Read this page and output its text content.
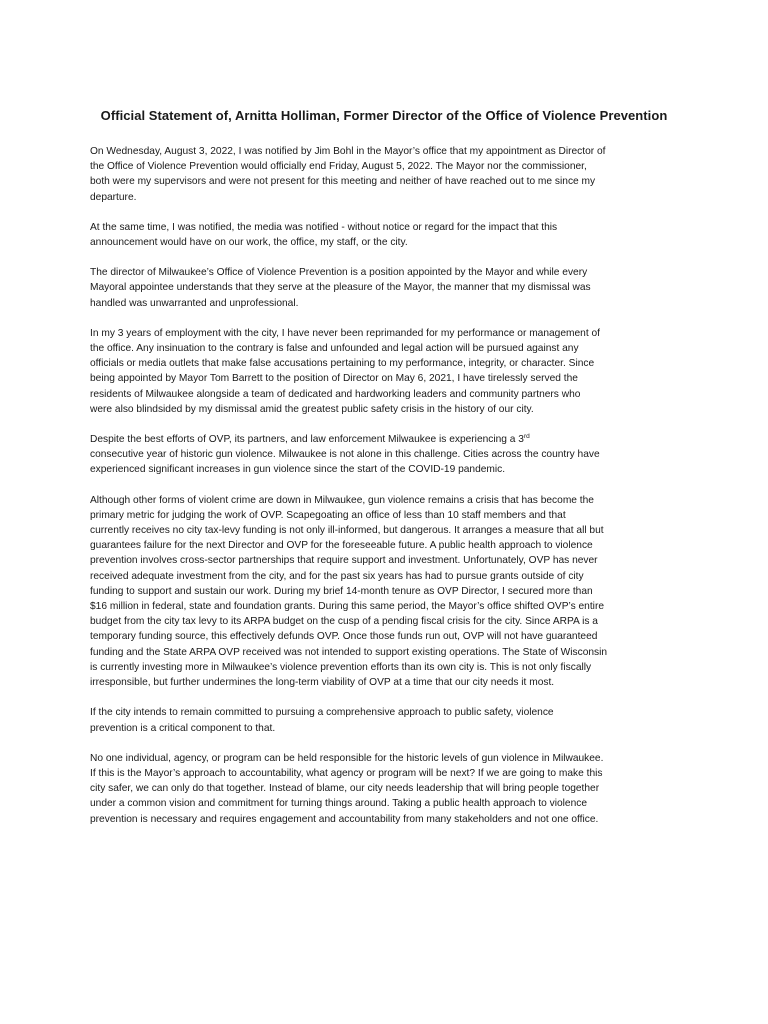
Official Statement of, Arnitta Holliman, Former Director of the Office of Violence Prevention

On Wednesday, August 3, 2022, I was notified by Jim Bohl in the Mayor’s office that my appointment as Director of
the Office of Violence Prevention would officially end Friday, August 5, 2022. The Mayor nor the commissioner,
both were my supervisors and were not present for this meeting and neither of have reached out to me since my
departure.

At the same time, I was notified, the media was notified - without notice or regard for the impact that this
announcement would have on our work, the office, my staff, or the city.

The director of Milwaukee’s Office of Violence Prevention is a position appointed by the Mayor and while every
Mayoral appointee understands that they serve at the pleasure of the Mayor, the manner that my dismissal was
handled was unwarranted and unprofessional.

In my 3 years of employment with the city, I have never been reprimanded for my performance or management of
the office. Any insinuation to the contrary is false and unfounded and legal action will be pursued against any
officials or media outlets that make false accusations pertaining to my performance, integrity, or character. Since
being appointed by Mayor Tom Barrett to the position of Director on May 6, 2021, I have tirelessly served the
residents of Milwaukee alongside a team of dedicated and hardworking leaders and community partners who
were also blindsided by my dismissal amid the greatest public safety crisis in the history of our city.

Despite the best efforts of OVP, its partners, and law enforcement Milwaukee is experiencing a 3rd
consecutive year of historic gun violence. Milwaukee is not alone in this challenge. Cities across the country have
experienced significant increases in gun violence since the start of the COVID-19 pandemic.

Although other forms of violent crime are down in Milwaukee, gun violence remains a crisis that has become the
primary metric for judging the work of OVP. Scapegoating an office of less than 10 staff members and that
currently receives no city tax-levy funding is not only ill-informed, but dangerous. It arranges a measure that all but
guarantees failure for the next Director and OVP for the foreseeable future. A public health approach to violence
prevention involves cross-sector partnerships that require support and investment. Unfortunately, OVP has never
received adequate investment from the city, and for the past six years has had to pursue grants outside of city
funding to support and sustain our work. During my brief 14-month tenure as OVP Director, I secured more than
$16 million in federal, state and foundation grants. During this same period, the Mayor’s office shifted OVP’s entire
budget from the city tax levy to its ARPA budget on the cusp of a pending fiscal crisis for the city. Since ARPA is a
temporary funding source, this effectively defunds OVP. Once those funds run out, OVP will not have guaranteed
funding and the State ARPA OVP received was not intended to support existing operations. The State of Wisconsin
is currently investing more in Milwaukee’s violence prevention efforts than its own city is. This is not only fiscally
irresponsible, but further undermines the long-term viability of OVP at a time that our city needs it most.

If the city intends to remain committed to pursuing a comprehensive approach to public safety, violence
prevention is a critical component to that.

No one individual, agency, or program can be held responsible for the historic levels of gun violence in Milwaukee.
If this is the Mayor’s approach to accountability, what agency or program will be next? If we are going to make this
city safer, we can only do that together. Instead of blame, our city needs leadership that will bring people together
under a common vision and commitment for turning things around. Taking a public health approach to violence
prevention is necessary and requires engagement and accountability from many stakeholders and not one office.
